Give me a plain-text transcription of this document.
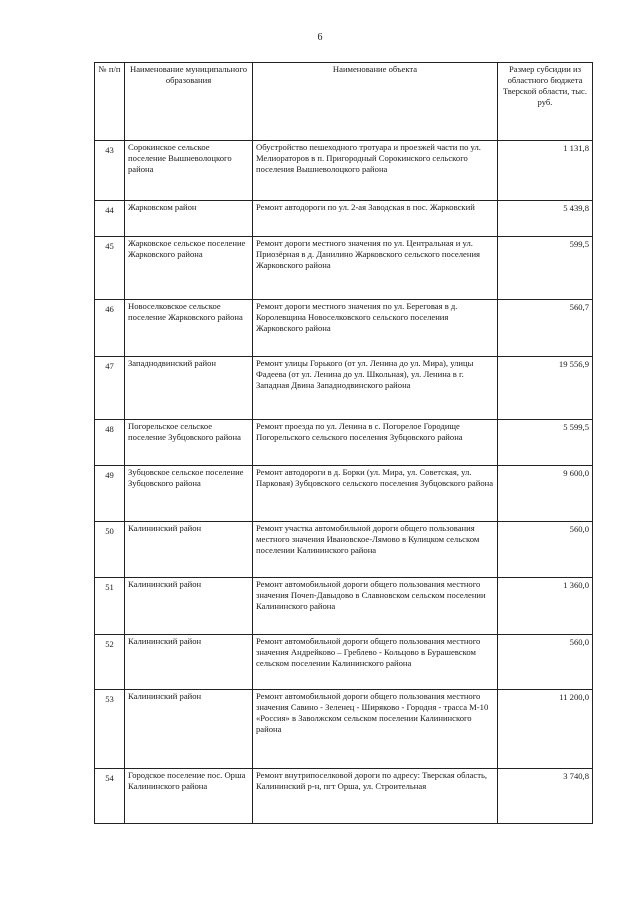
6
№ п/п	Наименование муниципального образования	Наименование объекта	Размер субсидии из областного бюджета Тверской области, тыс. руб.
43	Сорокинское сельское поселение Вышневолоцкого района	Обустройство пешеходного тротуара и проезжей части по ул. Мелиораторов в п. Пригородный Сорокинского сельского поселения Вышневолоцкого района	1 131,8
44	Жарковском район	Ремонт автодороги по ул. 2-ая Заводская в пос. Жарковский	5 439,8
45	Жарковское сельское поселение Жарковского района	Ремонт дороги местного значения по ул. Центральная и ул. Приозёрная в д. Данилино Жарковского сельского поселения Жарковского района	599,5
46	Новоселковское сельское поселение Жарковского района	Ремонт дороги местного значения по ул. Береговая в д. Королевщина Новоселковского сельского поселения Жарковского района	560,7
47	Западнодвинский район	Ремонт улицы Горького (от ул. Ленина до ул. Мира), улицы Фадеева (от ул. Ленина до ул. Школьная), ул. Ленина в г. Западная Двина Западнодвинского района	19 556,9
48	Погорельское сельское поселение Зубцовского района	Ремонт проезда по ул. Ленина в с. Погорелое Городище Погорельского сельского поселения Зубцовского района	5 599,5
49	Зубцовское сельское поселение Зубцовского района	Ремонт автодороги в д. Борки (ул. Мира, ул. Советская, ул. Парковая) Зубцовского сельского поселения Зубцовского района	9 600,0
50	Калининский район	Ремонт участка автомобильной дороги общего пользования местного значения Ивановское-Лямово в Кулицком сельском поселении Калининского района	560,0
51	Калининский район	Ремонт автомобильной дороги общего пользования местного значения Почеп-Давыдово в Славновском сельском поселении Калининского района	1 360,0
52	Калининский район	Ремонт автомобильной дороги общего пользования местного значения Андрейково – Греблево - Кольцово в Бурашевском сельском поселении Калининского района	560,0
53	Калининский район	Ремонт автомобильной дороги общего пользования местного значения Савино - Зеленец - Ширяково - Городня - трасса М-10 «Россия» в Заволжском сельском поселении Калининского района	11 200,0
54	Городское поселение пос. Орша Калининского района	Ремонт внутрипоселковой дороги по адресу: Тверская область, Калининский р-н, пгт Орша, ул. Строительная	3 740,8
